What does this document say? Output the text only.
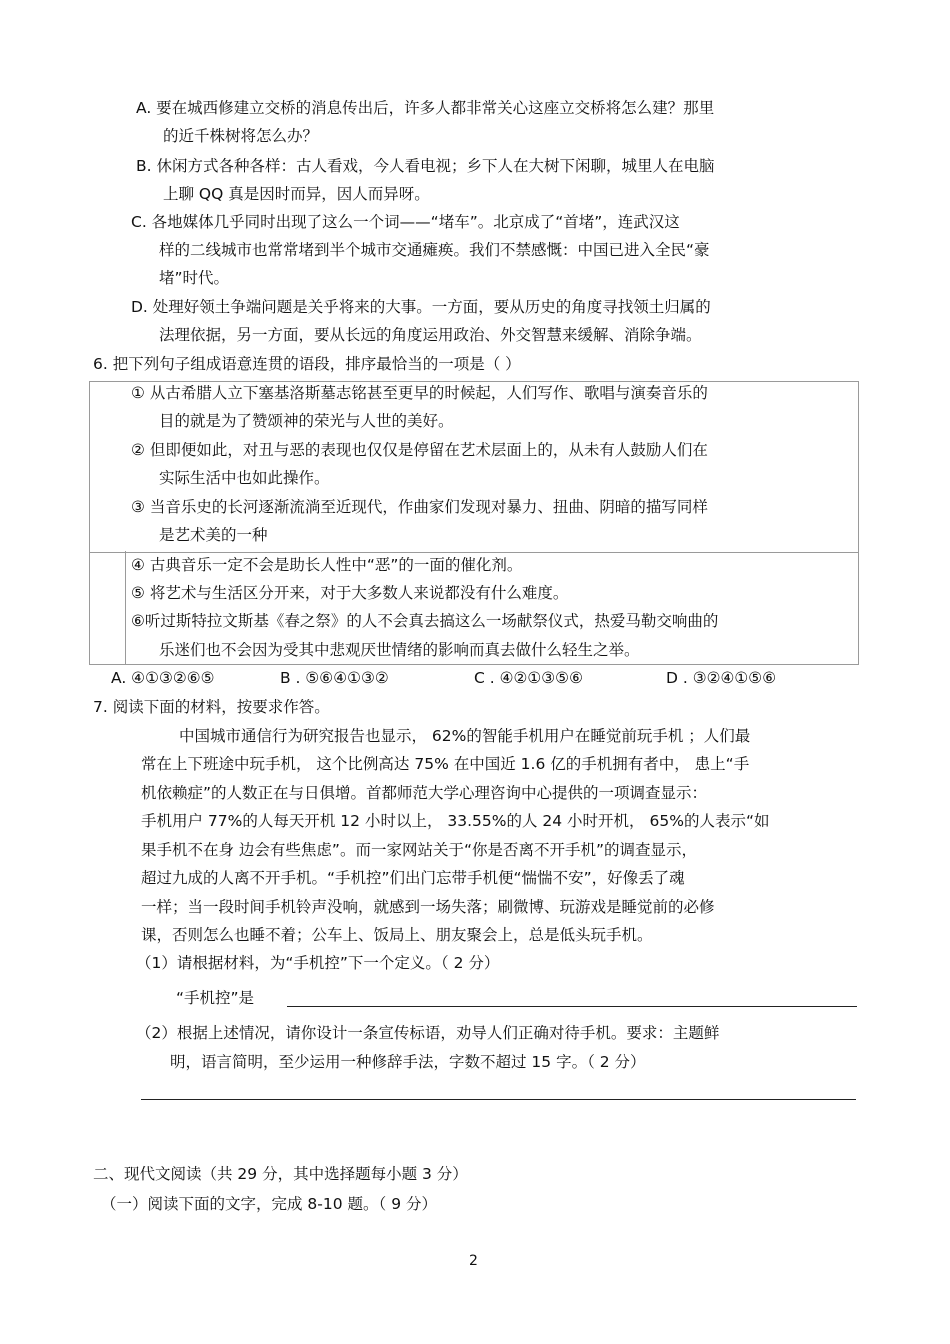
A. 要在城西修建立交桥的消息传出后，许多人都非常关心这座立交桥将怎么建？那里
的近千株树将怎么办？
B. 休闲方式各种各样：古人看戏，今人看电视；乡下人在大树下闲聊，城里人在电脑
上聊 QQ 真是因时而异，因人而异呀。
C. 各地媒体几乎同时出现了这么一个词——“堵车”。北京成了“首堵”，连武汉这
样的二线城市也常常堵到半个城市交通瘫痪。我们不禁感慨：中国已进入全民“豪
堵”时代。
D. 处理好领土争端问题是关乎将来的大事。一方面，要从历史的角度寻找领土归属的
法理依据，另一方面，要从长远的角度运用政治、外交智慧来缓解、消除争端。
6. 把下列句子组成语意连贯的语段，排序最恰当的一项是（ ）
① 从古希腊人立下塞基洛斯墓志铭甚至更早的时候起，人们写作、歌唱与演奏音乐的
目的就是为了赞颂神的荣光与人世的美好。
② 但即便如此，对丑与恶的表现也仅仅是停留在艺术层面上的，从未有人鼓励人们在
实际生活中也如此操作。
③ 当音乐史的长河逐渐流淌至近现代，作曲家们发现对暴力、扭曲、阴暗的描写同样
是艺术美的一种
④ 古典音乐一定不会是助长人性中“恶”的一面的催化剂。
⑤ 将艺术与生活区分开来，对于大多数人来说都没有什么难度。
⑥听过斯特拉文斯基《春之祭》的人不会真去搞这么一场献祭仪式，热爱马勒交响曲的
乐迷们也不会因为受其中悲观厌世情绪的影响而真去做什么轻生之举。
A. ④①③②⑥⑤	B . ⑤⑥④①③②	C . ④②①③⑤⑥	D . ③②④①⑤⑥
7. 阅读下面的材料，按要求作答。
中国城市通信行为研究报告也显示， 62%的智能手机用户在睡觉前玩手机 ；人们最
常在上下班途中玩手机， 这个比例高达 75% 在中国近 1.6 亿的手机拥有者中， 患上“手
机依赖症”的人数正在与日俱增。首都师范大学心理咨询中心提供的一项调查显示：
手机用户 77%的人每天开机 12 小时以上， 33.55%的人 24 小时开机， 65%的人表示“如
果手机不在身 边会有些焦虑”。而一家网站关于“你是否离不开手机”的调查显示，
超过九成的人离不开手机。“手机控”们出门忘带手机便“惴惴不安”，好像丢了魂
一样；当一段时间手机铃声没响，就感到一场失落；刷微博、玩游戏是睡觉前的必修
课，否则怎么也睡不着；公车上、饭局上、朋友聚会上，总是低头玩手机。
（1）请根据材料，为“手机控”下一个定义。（ 2 分）
“手机控”是
（2）根据上述情况，请你设计一条宣传标语，劝导人们正确对待手机。要求：主题鲜
明，语言简明，至少运用一种修辞手法，字数不超过 15 字。（ 2 分）
二、现代文阅读（共 29 分，其中选择题每小题 3 分）
（一）阅读下面的文字，完成 8-10 题。（ 9 分）
2
